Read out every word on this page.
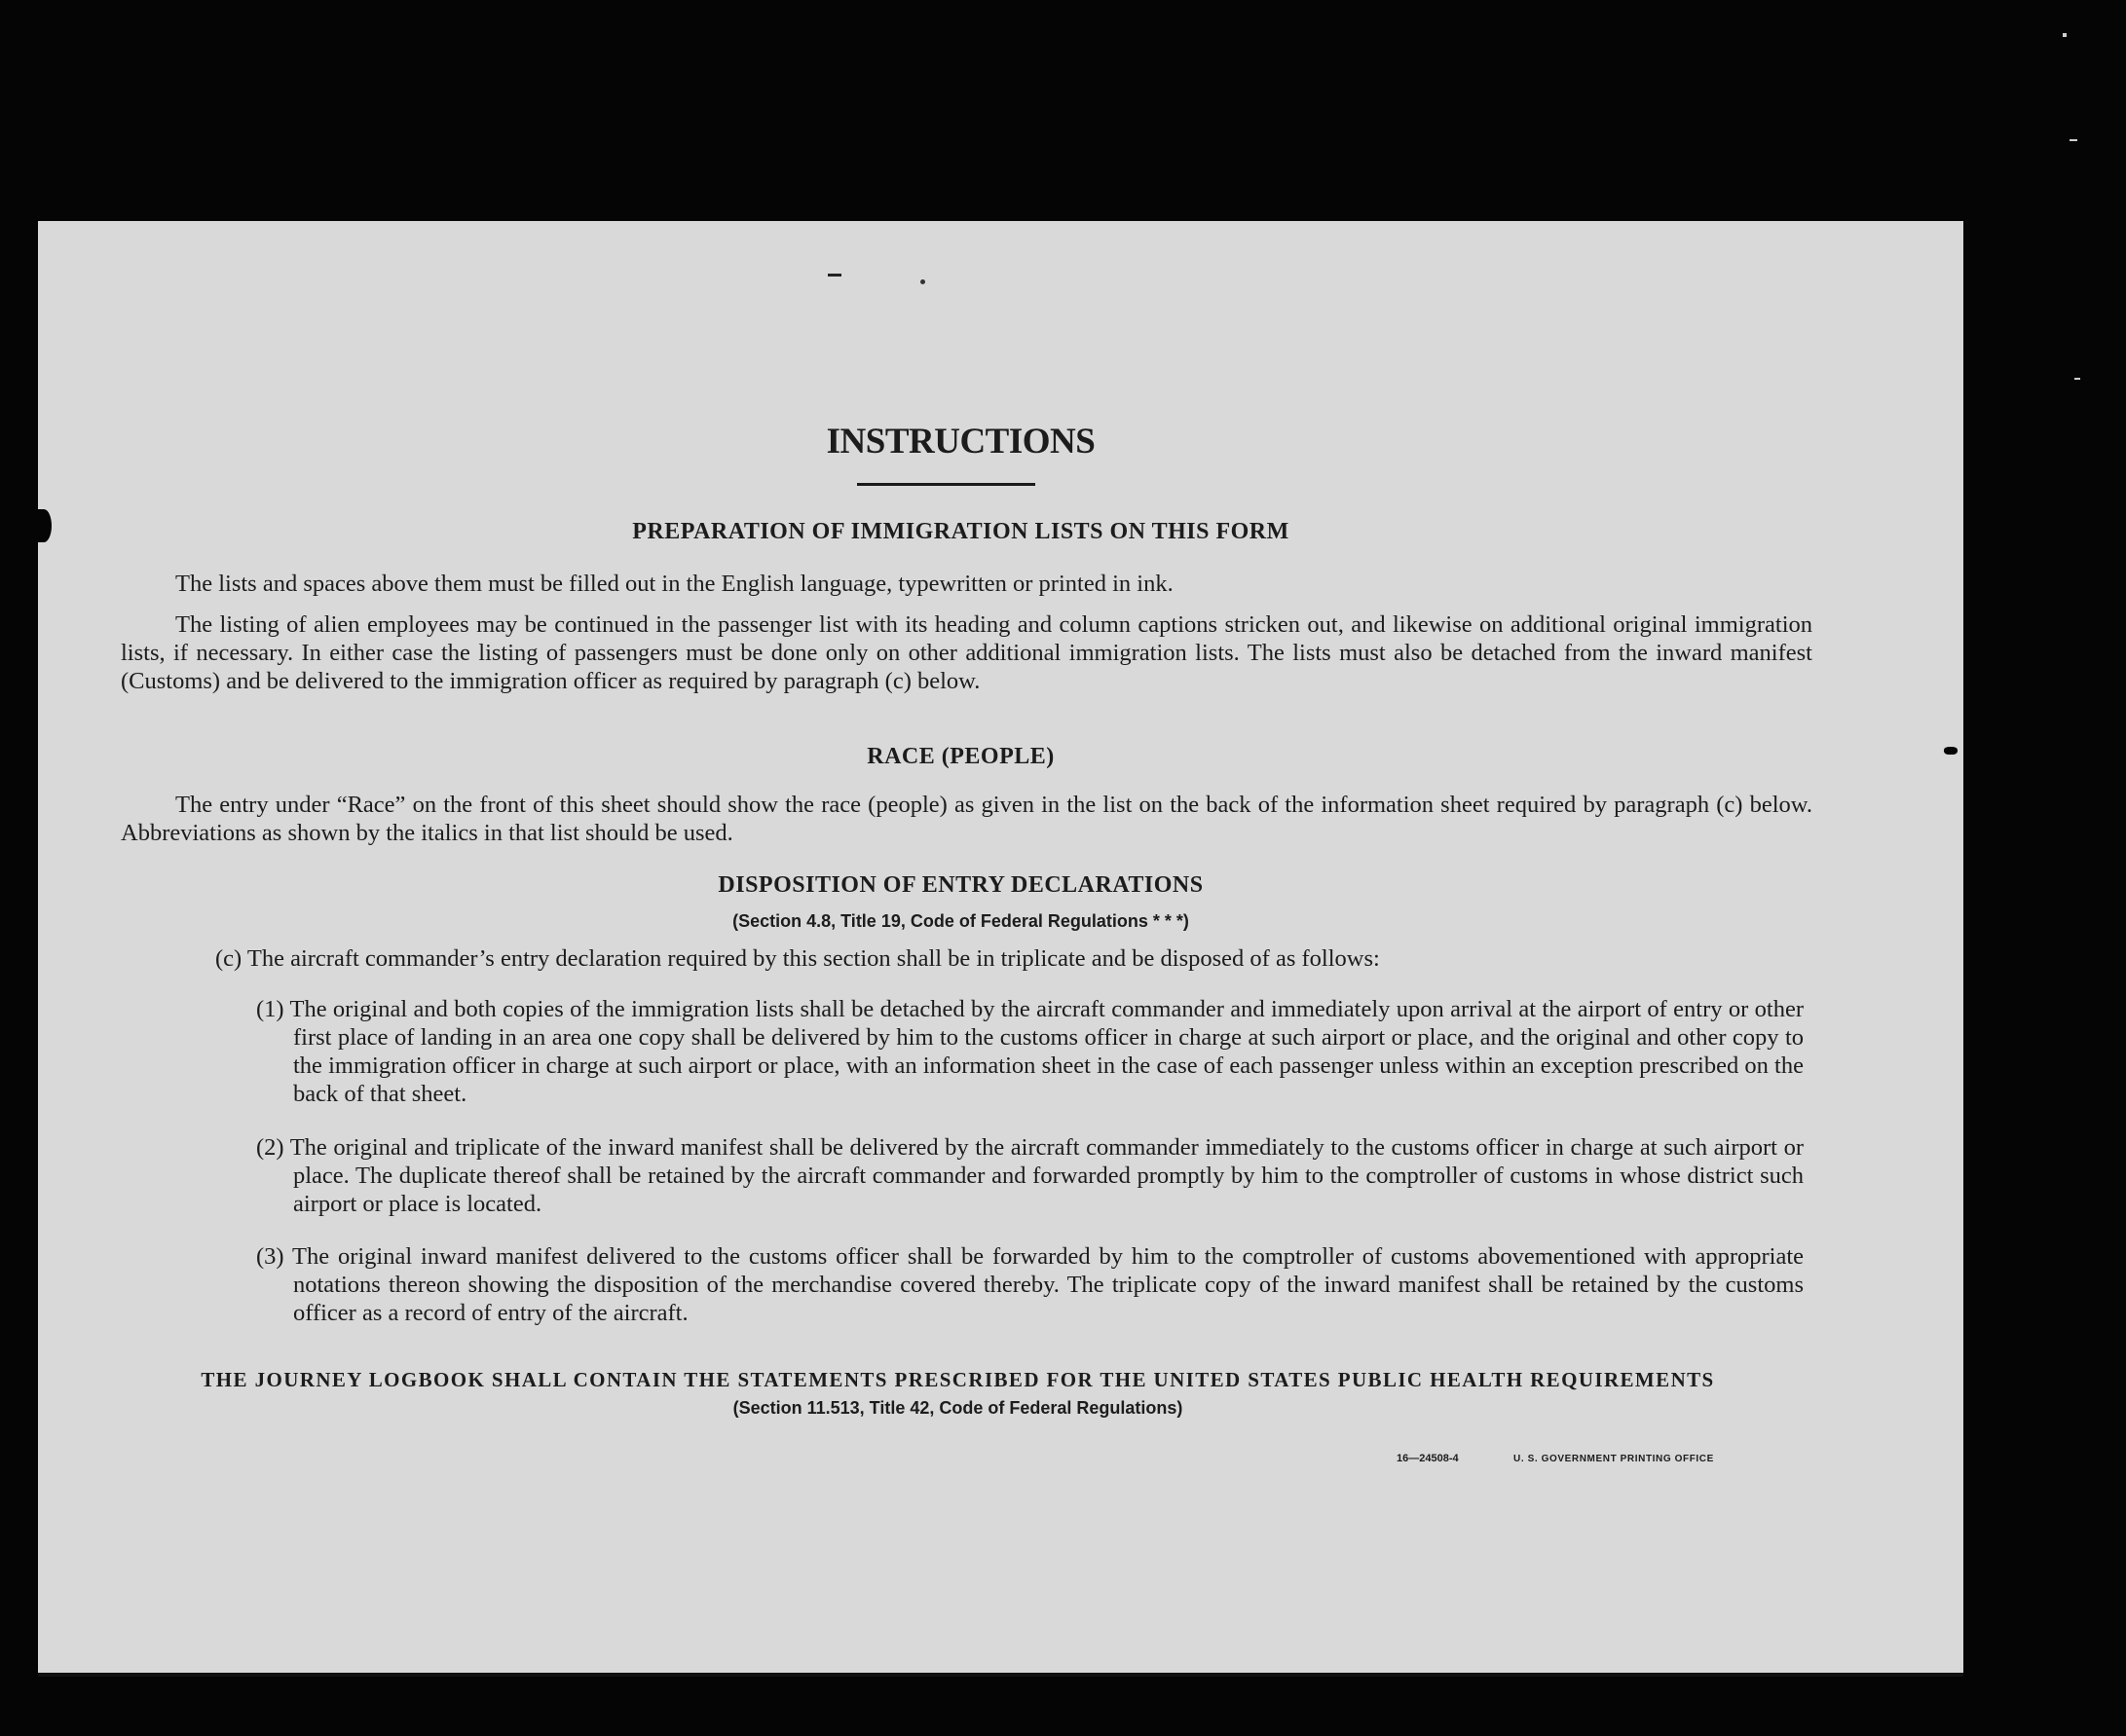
INSTRUCTIONS
PREPARATION OF IMMIGRATION LISTS ON THIS FORM

The lists and spaces above them must be filled out in the English language, typewritten or printed in ink.

The listing of alien employees may be continued in the passenger list with its heading and column captions stricken out, and likewise on additional original immigration lists, if necessary. In either case the listing of passengers must be done only on other additional immigration lists. The lists must also be detached from the inward manifest (Customs) and be delivered to the immigration officer as required by paragraph (c) below.

RACE (PEOPLE)

The entry under “Race” on the front of this sheet should show the race (people) as given in the list on the back of the information sheet required by paragraph (c) below. Abbreviations as shown by the italics in that list should be used.

DISPOSITION OF ENTRY DECLARATIONS
(Section 4.8, Title 19, Code of Federal Regulations * * *)

(c) The aircraft commander’s entry declaration required by this section shall be in triplicate and be disposed of as follows:

(1) The original and both copies of the immigration lists shall be detached by the aircraft commander and immediately upon arrival at the airport of entry or other first place of landing in an area one copy shall be delivered by him to the customs officer in charge at such airport or place, and the original and other copy to the immigration officer in charge at such airport or place, with an information sheet in the case of each passenger unless within an exception prescribed on the back of that sheet.

(2) The original and triplicate of the inward manifest shall be delivered by the aircraft commander immediately to the customs officer in charge at such airport or place. The duplicate thereof shall be retained by the aircraft commander and forwarded promptly by him to the comptroller of customs in whose district such airport or place is located.

(3) The original inward manifest delivered to the customs officer shall be forwarded by him to the comptroller of customs abovementioned with appropriate notations thereon showing the disposition of the merchandise covered thereby. The triplicate copy of the inward manifest shall be retained by the customs officer as a record of entry of the aircraft.

THE JOURNEY LOGBOOK SHALL CONTAIN THE STATEMENTS PRESCRIBED FOR THE UNITED STATES PUBLIC HEALTH REQUIREMENTS
(Section 11.513, Title 42, Code of Federal Regulations)
16—24508-4	U. S. GOVERNMENT PRINTING OFFICE
